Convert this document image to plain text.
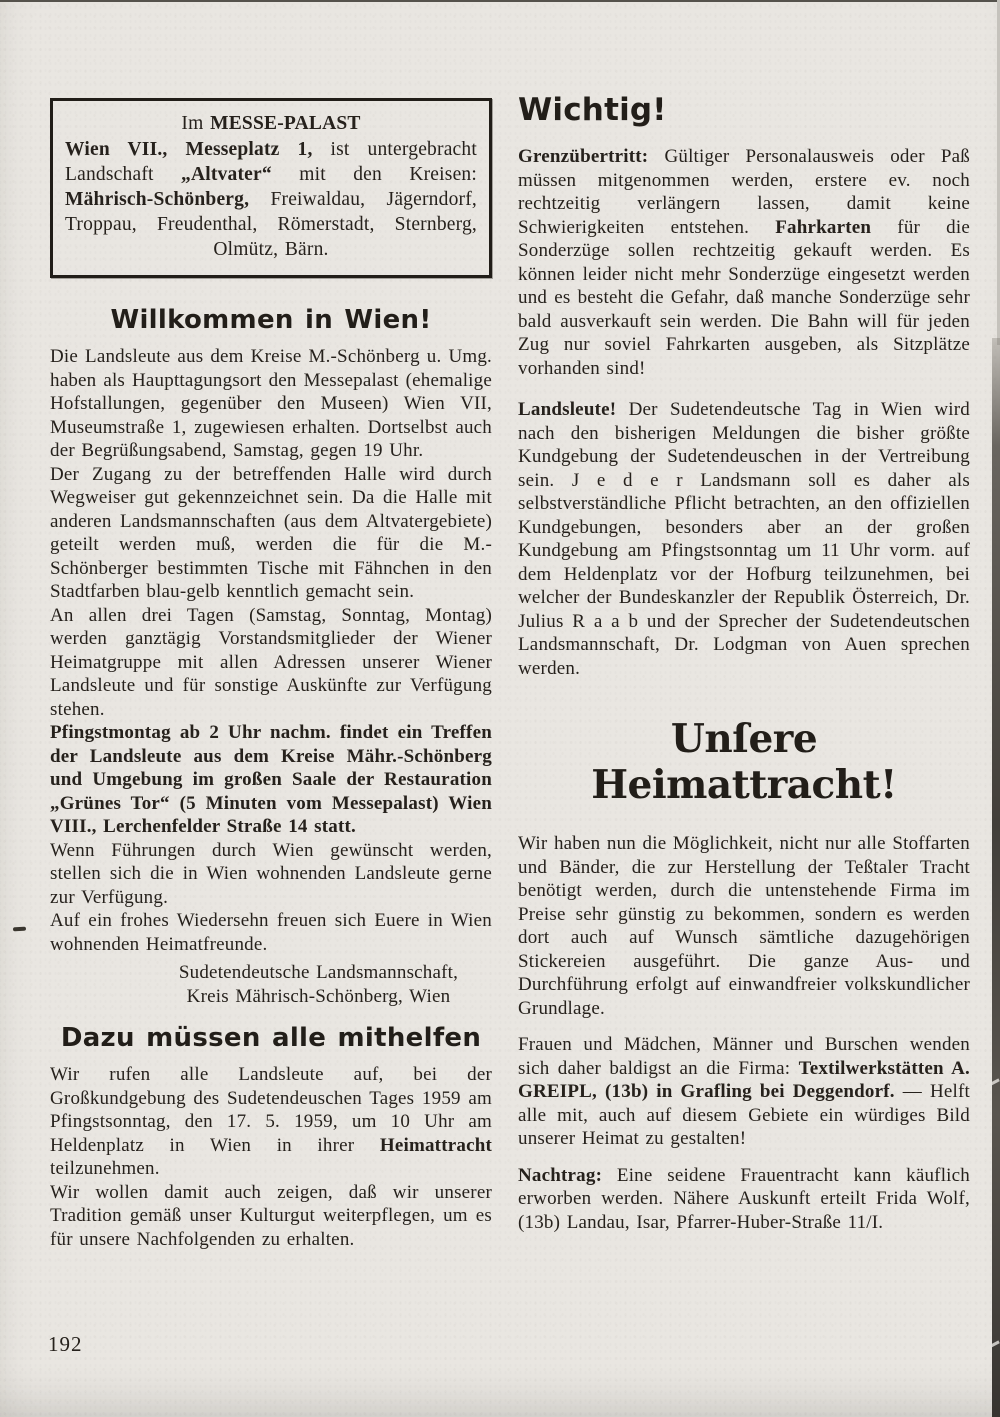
Im MESSE-PALAST
Wien VII., Messeplatz 1, ist untergebracht Landschaft „Altvater“ mit den Kreisen: Mährisch-Schönberg, Freiwaldau, Jägerndorf, Troppau, Freudenthal, Römerstadt, Sternberg, Olmütz, Bärn.
Willkommen in Wien!

Die Landsleute aus dem Kreise M.-Schönberg u. Umg. haben als Haupttagungsort den Messepalast (ehemalige Hofstallungen, gegenüber den Museen) Wien VII, Museumstraße 1, zugewiesen erhalten. Dortselbst auch der Begrüßungsabend, Samstag, gegen 19 Uhr.

Der Zugang zu der betreffenden Halle wird durch Wegweiser gut gekennzeichnet sein. Da die Halle mit anderen Landsmannschaften (aus dem Altvatergebiete) geteilt werden muß, werden die für die M.-Schönberger bestimmten Tische mit Fähnchen in den Stadtfarben blau-gelb kenntlich gemacht sein.

An allen drei Tagen (Samstag, Sonntag, Montag) werden ganztägig Vorstandsmitglieder der Wiener Heimatgruppe mit allen Adressen unserer Wiener Landsleute und für sonstige Auskünfte zur Verfügung stehen.

Pfingstmontag ab 2 Uhr nachm. findet ein Treffen der Landsleute aus dem Kreise Mähr.-Schönberg und Umgebung im großen Saale der Restauration „Grünes Tor“ (5 Minuten vom Messepalast) Wien VIII., Lerchenfelder Straße 14 statt.

Wenn Führungen durch Wien gewünscht werden, stellen sich die in Wien wohnenden Landsleute gerne zur Verfügung.

Auf ein frohes Wiedersehn freuen sich Euere in Wien wohnenden Heimatfreunde.

Sudetendeutsche Landsmannschaft,
Kreis Mährisch-Schönberg, Wien
Dazu müssen alle mithelfen

Wir rufen alle Landsleute auf, bei der Großkundgebung des Sudetendeuschen Tages 1959 am Pfingstsonntag, den 17. 5. 1959, um 10 Uhr am Heldenplatz in Wien in ihrer Heimattracht teilzunehmen.

Wir wollen damit auch zeigen, daß wir unserer Tradition gemäß unser Kulturgut weiterpflegen, um es für unsere Nachfolgenden zu erhalten.

Wichtig!

Grenzübertritt: Gültiger Personalausweis oder Paß müssen mitgenommen werden, erstere ev. noch rechtzeitig verlängern lassen, damit keine Schwierigkeiten entstehen. Fahrkarten für die Sonderzüge sollen rechtzeitig gekauft werden. Es können leider nicht mehr Sonderzüge eingesetzt werden und es besteht die Gefahr, daß manche Sonderzüge sehr bald ausverkauft sein werden. Die Bahn will für jeden Zug nur soviel Fahrkarten ausgeben, als Sitzplätze vorhanden sind!

Landsleute! Der Sudetendeutsche Tag in Wien wird nach den bisherigen Meldungen die bisher größte Kundgebung der Sudetendeuschen in der Vertreibung sein. J e d e r Landsmann soll es daher als selbstverständliche Pflicht betrachten, an den offiziellen Kundgebungen, besonders aber an der großen Kundgebung am Pfingstsonntag um 11 Uhr vorm. auf dem Heldenplatz vor der Hofburg teilzunehmen, bei welcher der Bundeskanzler der Republik Österreich, Dr. Julius R a a b und der Sprecher der Sudetendeutschen Landsmannschaft, Dr. Lodgman von Auen sprechen werden.

Unſere Heimattracht!

Wir haben nun die Möglichkeit, nicht nur alle Stoffarten und Bänder, die zur Herstellung der Teßtaler Tracht benötigt werden, durch die untenstehende Firma im Preise sehr günstig zu bekommen, sondern es werden dort auch auf Wunsch sämtliche dazugehörigen Stickereien ausgeführt. Die ganze Aus- und Durchführung erfolgt auf einwandfreier volkskundlicher Grundlage.

Frauen und Mädchen, Männer und Burschen wenden sich daher baldigst an die Firma: Textilwerkstätten A. GREIPL, (13b) in Grafling bei Deggendorf. — Helft alle mit, auch auf diesem Gebiete ein würdiges Bild unserer Heimat zu gestalten!

Nachtrag: Eine seidene Frauentracht kann käuflich erworben werden. Nähere Auskunft erteilt Frida Wolf, (13b) Landau, Isar, Pfarrer-Huber-Straße 11/I.

192
